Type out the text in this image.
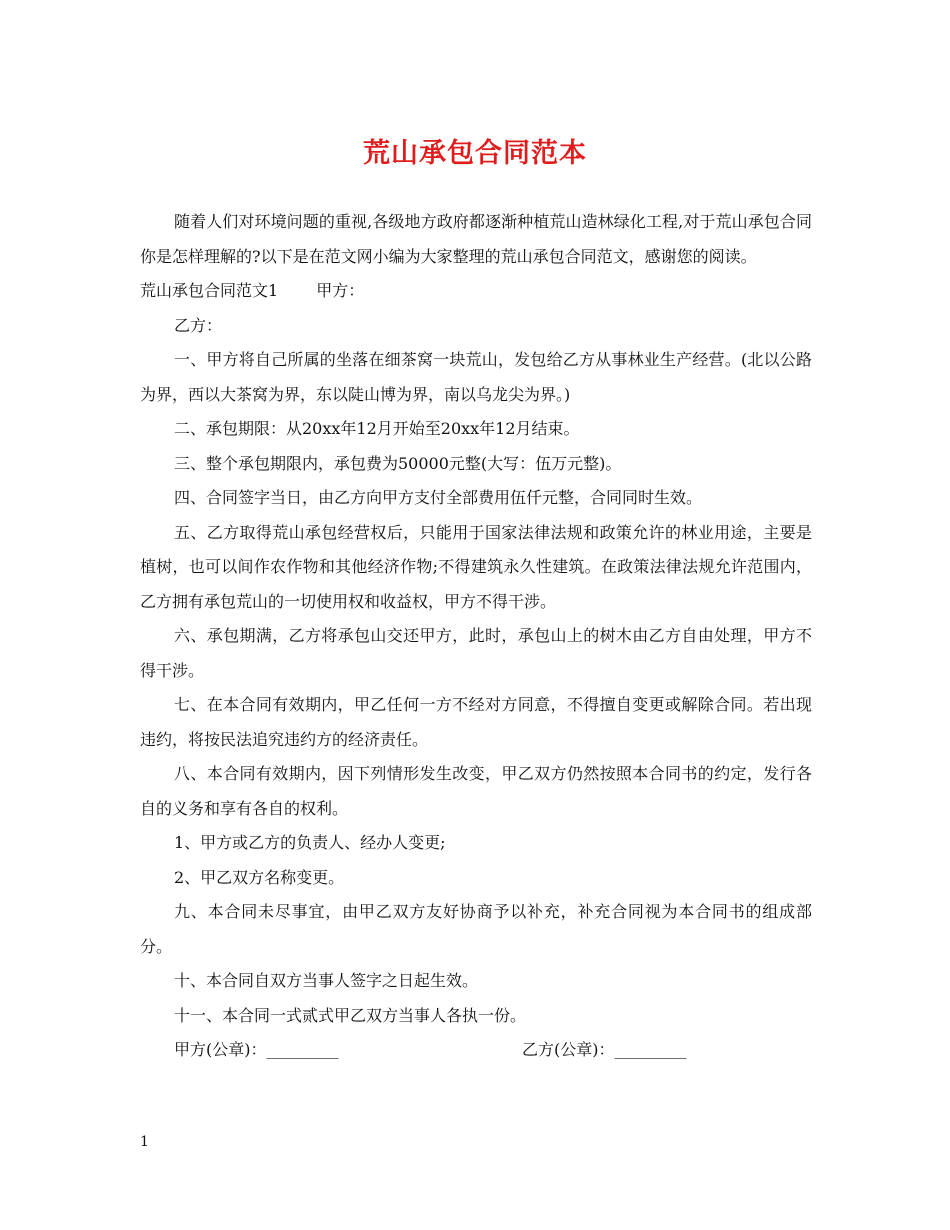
荒山承包合同范本

随着人们对环境问题的重视,各级地方政府都逐渐种植荒山造林绿化工程,对于荒山承包合同你是怎样理解的?以下是在范文网小编为大家整理的荒山承包合同范文，感谢您的阅读。

荒山承包合同范文1 甲方：

乙方：

一、甲方将自己所属的坐落在细茶窝一块荒山，发包给乙方从事林业生产经营。(北以公路为界，西以大茶窝为界，东以陡山博为界，南以乌龙尖为界。)

二、承包期限：从20xx年12月开始至20xx年12月结束。

三、整个承包期限内，承包费为50000元整(大写：伍万元整)。

四、合同签字当日，由乙方向甲方支付全部费用伍仟元整，合同同时生效。

五、乙方取得荒山承包经营权后，只能用于国家法律法规和政策允许的林业用途，主要是植树，也可以间作农作物和其他经济作物;不得建筑永久性建筑。在政策法律法规允许范围内，乙方拥有承包荒山的一切使用权和收益权，甲方不得干涉。

六、承包期满，乙方将承包山交还甲方，此时，承包山上的树木由乙方自由处理，甲方不得干涉。

七、在本合同有效期内，甲乙任何一方不经对方同意，不得擅自变更或解除合同。若出现违约，将按民法追究违约方的经济责任。

八、本合同有效期内，因下列情形发生改变，甲乙双方仍然按照本合同书的约定，发行各自的义务和享有各自的权利。

1、甲方或乙方的负责人、经办人变更;

2、甲乙双方名称变更。

九、本合同未尽事宜，由甲乙双方友好协商予以补充，补充合同视为本合同书的组成部分。

十、本合同自双方当事人签字之日起生效。

十一、本合同一式贰式甲乙双方当事人各执一份。

甲方(公章)：_________	乙方(公章)：_________
1
